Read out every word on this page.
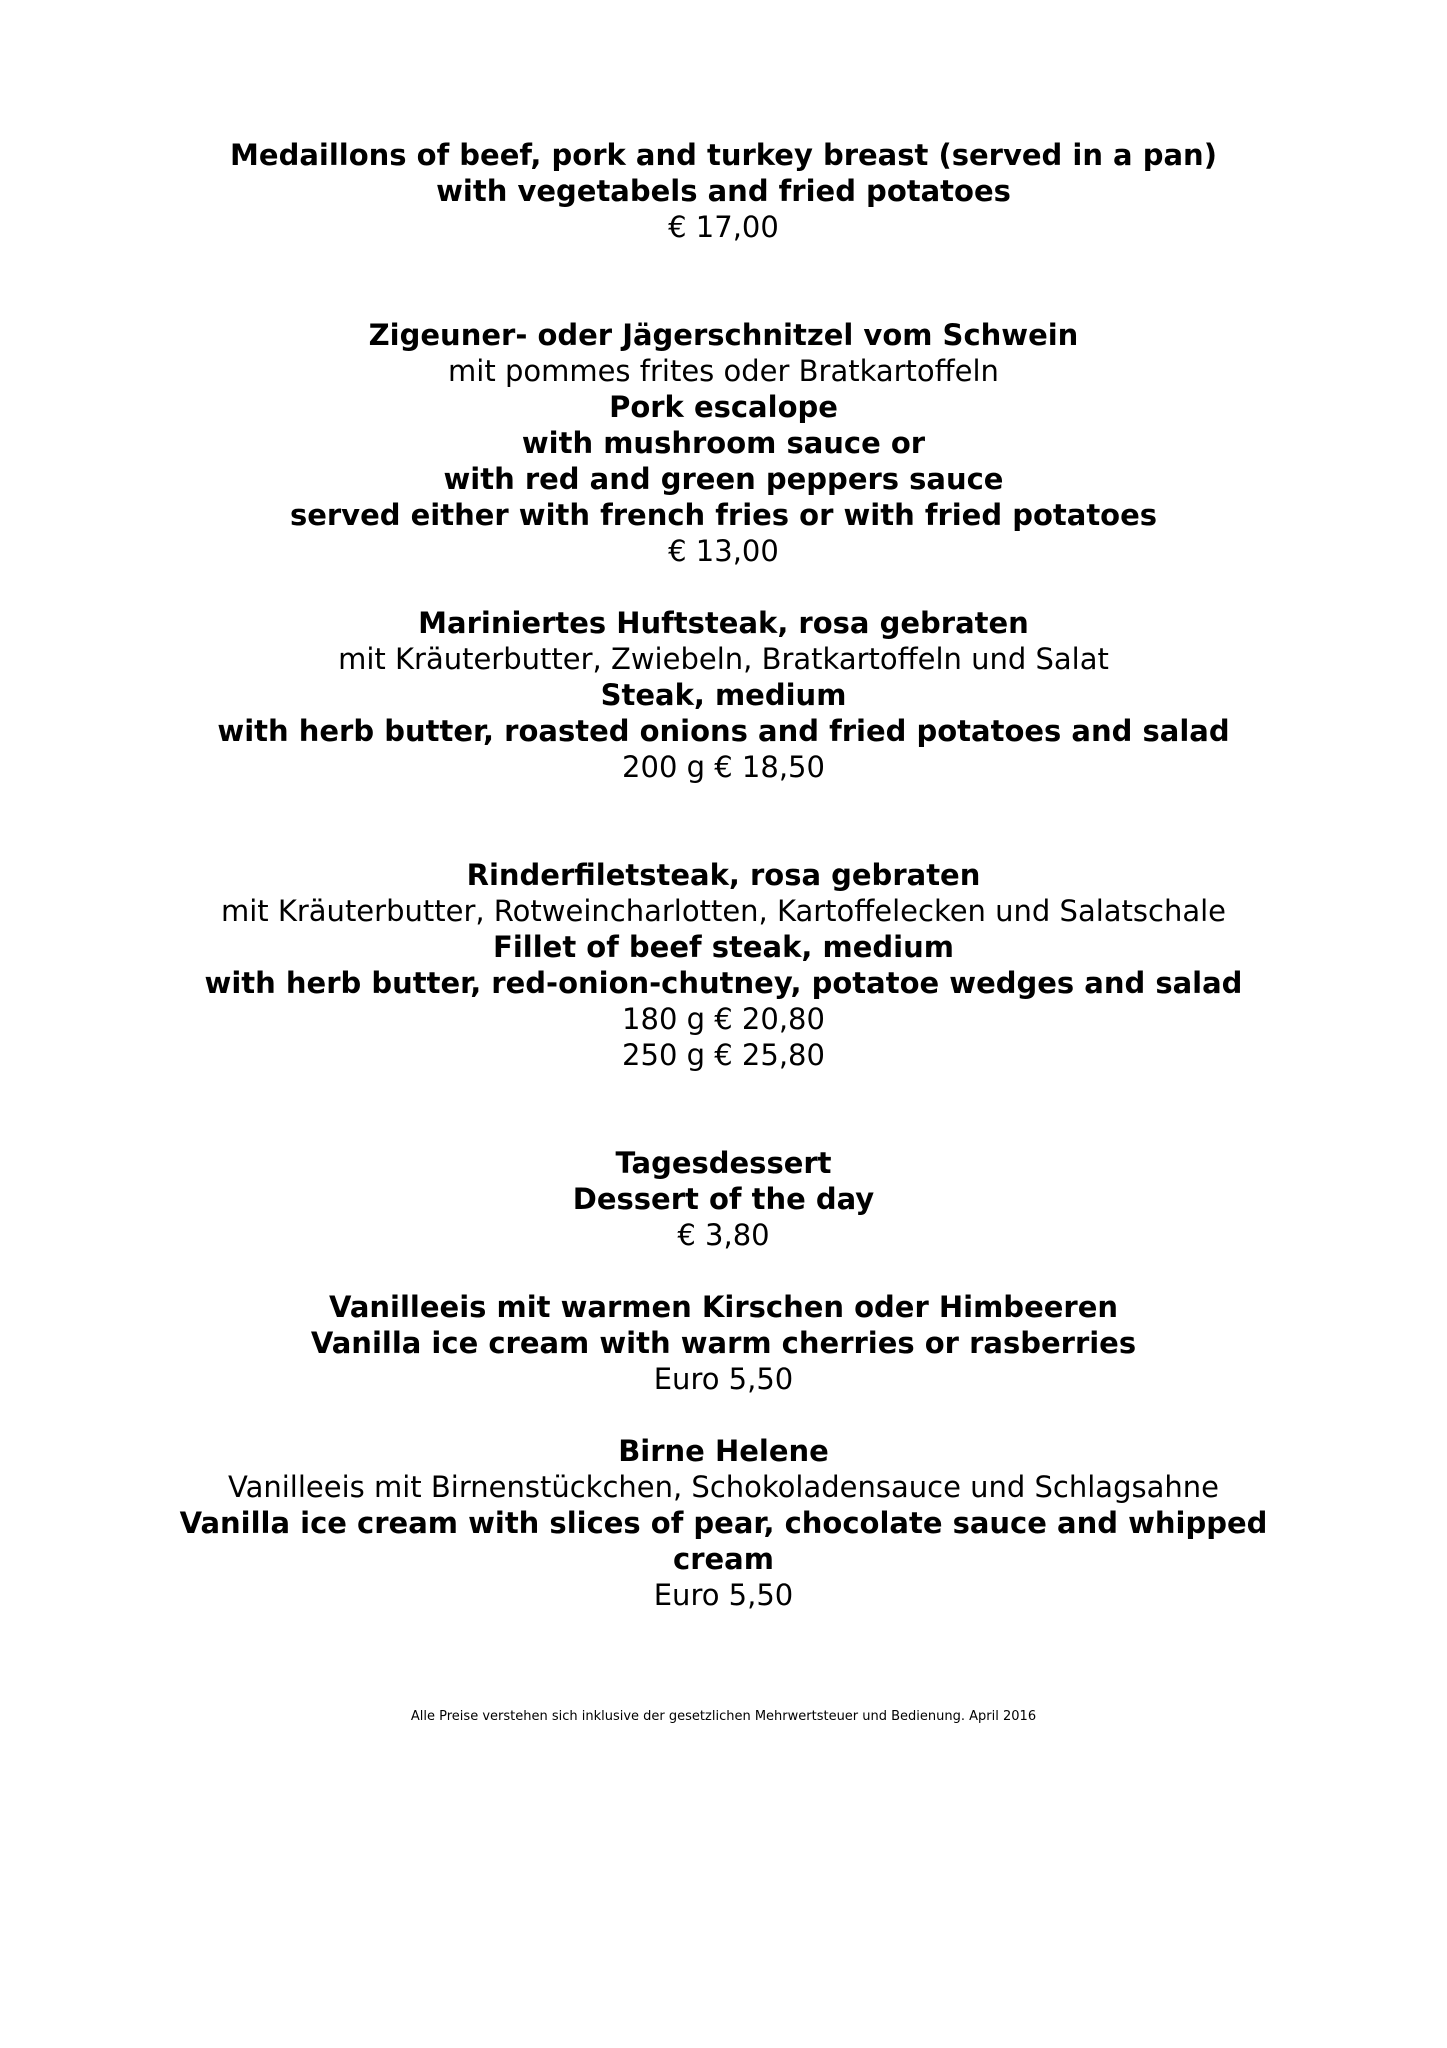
Medaillons of beef, pork and turkey breast (served in a pan)
with vegetabels and fried potatoes
€ 17,00
Zigeuner- oder Jägerschnitzel vom Schwein
mit pommes frites oder Bratkartoffeln
Pork escalope
with mushroom sauce or
with red and green peppers sauce
served either with french fries or with fried potatoes
€ 13,00
Mariniertes Huftsteak, rosa gebraten
mit Kräuterbutter, Zwiebeln, Bratkartoffeln und Salat
Steak, medium
with herb butter, roasted onions and fried potatoes and salad
200 g € 18,50
Rinderfiletsteak, rosa gebraten
mit Kräuterbutter, Rotweincharlotten, Kartoffelecken und Salatschale
Fillet of beef steak, medium
with herb butter, red-onion-chutney, potatoe wedges and salad
180 g € 20,80
250 g € 25,80
Tagesdessert
Dessert of the day
€ 3,80
Vanilleeis mit warmen Kirschen oder Himbeeren
Vanilla ice cream with warm cherries or rasberries
Euro 5,50
Birne Helene
Vanilleeis mit Birnenstückchen, Schokoladensauce und Schlagsahne
Vanilla ice cream with slices of pear, chocolate sauce and whipped cream
Euro 5,50
Alle Preise verstehen sich inklusive der gesetzlichen Mehrwertsteuer und Bedienung. April 2016
